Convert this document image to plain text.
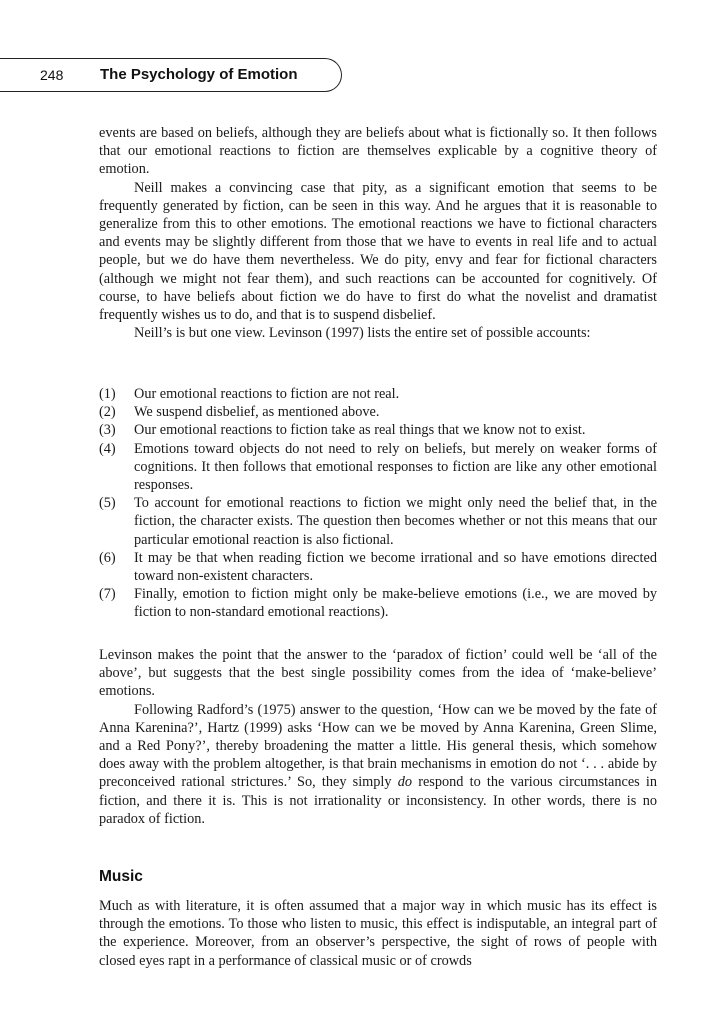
248 The Psychology of Emotion

events are based on beliefs, although they are beliefs about what is fictionally so. It then follows that our emotional reactions to fiction are themselves explicable by a cognitive theory of emotion.

Neill makes a convincing case that pity, as a significant emotion that seems to be frequently generated by fiction, can be seen in this way. And he argues that it is reasonable to generalize from this to other emotions. The emotional reactions we have to fictional characters and events may be slightly different from those that we have to events in real life and to actual people, but we do have them nevertheless. We do pity, envy and fear for fictional characters (although we might not fear them), and such reactions can be accounted for cognitively. Of course, to have beliefs about fiction we do have to first do what the novelist and dramatist frequently wishes us to do, and that is to suspend disbelief.

Neill’s is but one view. Levinson (1997) lists the entire set of possible accounts:

(1) Our emotional reactions to fiction are not real.
(2) We suspend disbelief, as mentioned above.
(3) Our emotional reactions to fiction take as real things that we know not to exist.
(4) Emotions toward objects do not need to rely on beliefs, but merely on weaker forms of cognitions. It then follows that emotional responses to fiction are like any other emotional responses.
(5) To account for emotional reactions to fiction we might only need the belief that, in the fiction, the character exists. The question then becomes whether or not this means that our particular emotional reaction is also fictional.
(6) It may be that when reading fiction we become irrational and so have emotions directed toward non-existent characters.
(7) Finally, emotion to fiction might only be make-believe emotions (i.e., we are moved by fiction to non-standard emotional reactions).

Levinson makes the point that the answer to the ‘paradox of fiction’ could well be ‘all of the above’, but suggests that the best single possibility comes from the idea of ‘make-believe’ emotions.

Following Radford’s (1975) answer to the question, ‘How can we be moved by the fate of Anna Karenina?’, Hartz (1999) asks ‘How can we be moved by Anna Karenina, Green Slime, and a Red Pony?’, thereby broadening the matter a little. His general thesis, which somehow does away with the problem altogether, is that brain mechanisms in emotion do not ‘. . . abide by preconceived rational strictures.’ So, they simply do respond to the various circumstances in fiction, and there it is. This is not irrationality or inconsistency. In other words, there is no paradox of fiction.

Music

Much as with literature, it is often assumed that a major way in which music has its effect is through the emotions. To those who listen to music, this effect is indisputable, an integral part of the experience. Moreover, from an observer’s perspective, the sight of rows of people with closed eyes rapt in a performance of classical music or of crowds
